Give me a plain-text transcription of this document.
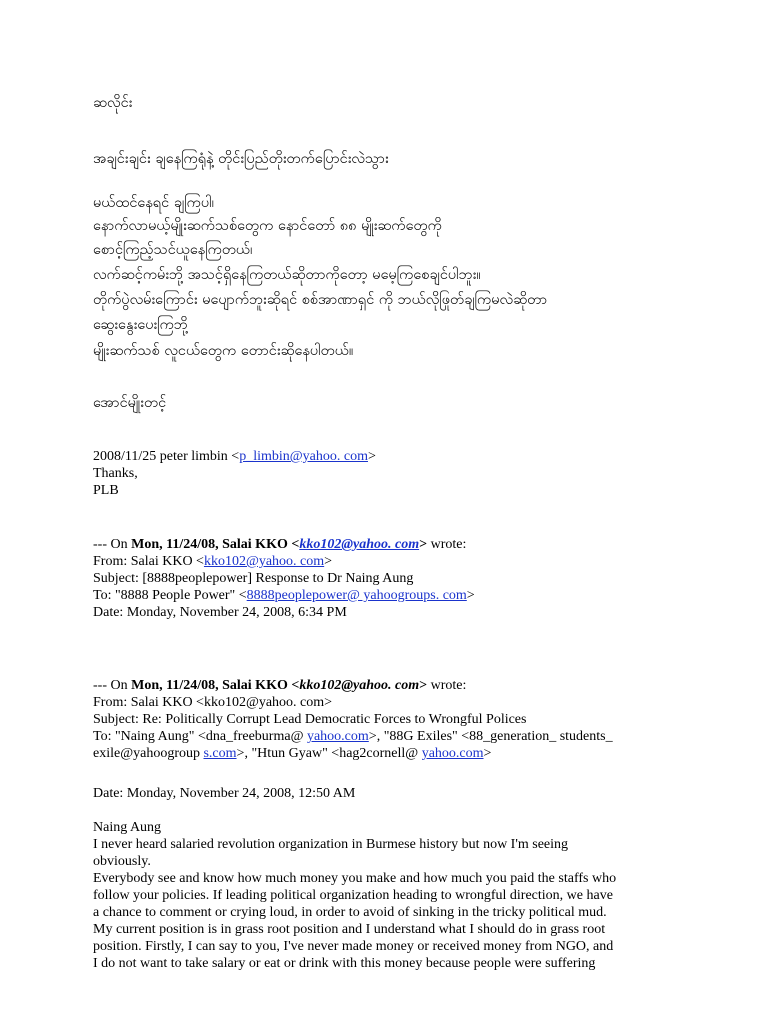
ဆလိုင်း
အချင်းချင်း ချနေကြရုံနဲ့ တိုင်းပြည်တိုးတက်ပြောင်းလဲသွား
မယ်ထင်နေရင် ချကြပါ၊
နောက်လာမယ့်မျိုးဆက်သစ်တွေက နောင်တော် ၈၈ မျိုးဆက်တွေကို
စောင့်ကြည့်သင်ယူနေကြတယ်၊
လက်ဆင့်ကမ်းဘို့ အသင့်ရှိနေကြတယ်ဆိုတာကိုတော့ မမေ့ကြစေချင်ပါဘူး။
တိုက်ပွဲလမ်းကြောင်း မပျောက်ဘူးဆိုရင် စစ်အာဏာရှင် ကို ဘယ်လိုဖြုတ်ချကြမလဲဆိုတာ
ဆွေးနွေးပေးကြဘို့
မျိုးဆက်သစ် လူငယ်တွေက တောင်းဆိုနေပါတယ်။
အောင်မျိုးတင့်
2008/11/25 peter limbin <p_limbin@yahoo. com>
Thanks,
PLB
--- On Mon, 11/24/08, Salai KKO <kko102@yahoo. com> wrote:
From: Salai KKO <kko102@yahoo. com>
Subject: [8888peoplepower] Response to Dr Naing Aung
To: "8888 People Power" <8888peoplepower@ yahoogroups. com>
Date: Monday, November 24, 2008, 6:34 PM
--- On Mon, 11/24/08, Salai KKO <kko102@yahoo. com> wrote:
From: Salai KKO <kko102@yahoo. com>
Subject: Re: Politically Corrupt Lead Democratic Forces to Wrongful Polices
To: "Naing Aung" <dna_freeburma@ yahoo.com>, "88G Exiles" <88_generation_ students_
exile@yahoogroup s.com>, "Htun Gyaw" <hag2cornell@ yahoo.com>
Date: Monday, November 24, 2008, 12:50 AM
Naing Aung
I never heard salaried revolution organization in Burmese history but now I'm seeing
obviously.
Everybody see and know how much money you make and how much you paid the staffs who
follow your policies. If leading political organization heading to wrongful direction, we have
a chance to comment or crying loud, in order to avoid of sinking in the tricky political mud.
My current position is in grass root position and I understand what I should do in grass root
position. Firstly, I can say to you, I've never made money or received money from NGO, and
I do not want to take salary or eat or drink with this money because people were suffering
